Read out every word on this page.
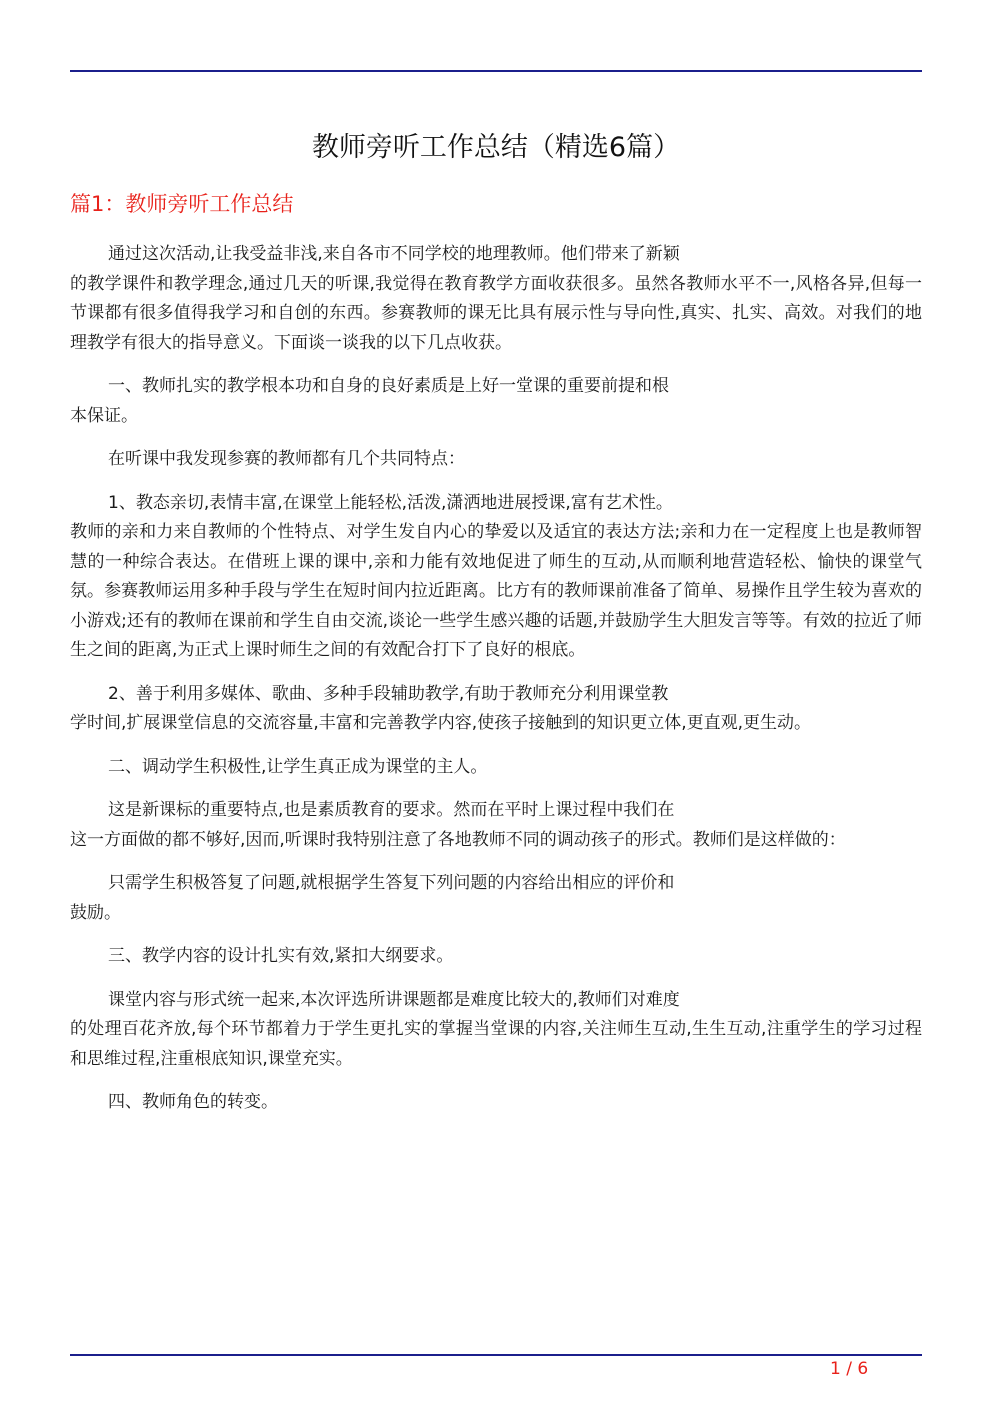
教师旁听工作总结（精选6篇）
篇1：教师旁听工作总结

通过这次活动,让我受益非浅,来自各市不同学校的地理教师。他们带来了新颖
的教学课件和教学理念,通过几天的听课,我觉得在教育教学方面收获很多。虽然各教师水平不一,风格各异,但每一节课都有很多值得我学习和自创的东西。参赛教师的课无比具有展示性与导向性,真实、扎实、高效。对我们的地理教学有很大的指导意义。下面谈一谈我的以下几点收获。

一、教师扎实的教学根本功和自身的良好素质是上好一堂课的重要前提和根
本保证。

在听课中我发现参赛的教师都有几个共同特点：

1、教态亲切,表情丰富,在课堂上能轻松,活泼,潇洒地进展授课,富有艺术性。
教师的亲和力来自教师的个性特点、对学生发自内心的挚爱以及适宜的表达方法;亲和力在一定程度上也是教师智慧的一种综合表达。在借班上课的课中,亲和力能有效地促进了师生的互动,从而顺利地营造轻松、愉快的课堂气氛。参赛教师运用多种手段与学生在短时间内拉近距离。比方有的教师课前准备了简单、易操作且学生较为喜欢的小游戏;还有的教师在课前和学生自由交流,谈论一些学生感兴趣的话题,并鼓励学生大胆发言等等。有效的拉近了师生之间的距离,为正式上课时师生之间的有效配合打下了良好的根底。

2、善于利用多媒体、歌曲、多种手段辅助教学,有助于教师充分利用课堂教
学时间,扩展课堂信息的交流容量,丰富和完善教学内容,使孩子接触到的知识更立体,更直观,更生动。

二、调动学生积极性,让学生真正成为课堂的主人。

这是新课标的重要特点,也是素质教育的要求。然而在平时上课过程中我们在
这一方面做的都不够好,因而,听课时我特别注意了各地教师不同的调动孩子的形式。教师们是这样做的：

只需学生积极答复了问题,就根据学生答复下列问题的内容给出相应的评价和
鼓励。

三、教学内容的设计扎实有效,紧扣大纲要求。

课堂内容与形式统一起来,本次评选所讲课题都是难度比较大的,教师们对难度
的处理百花齐放,每个环节都着力于学生更扎实的掌握当堂课的内容,关注师生互动,生生互动,注重学生的学习过程和思维过程,注重根底知识,课堂充实。

四、教师角色的转变。

1 / 6
